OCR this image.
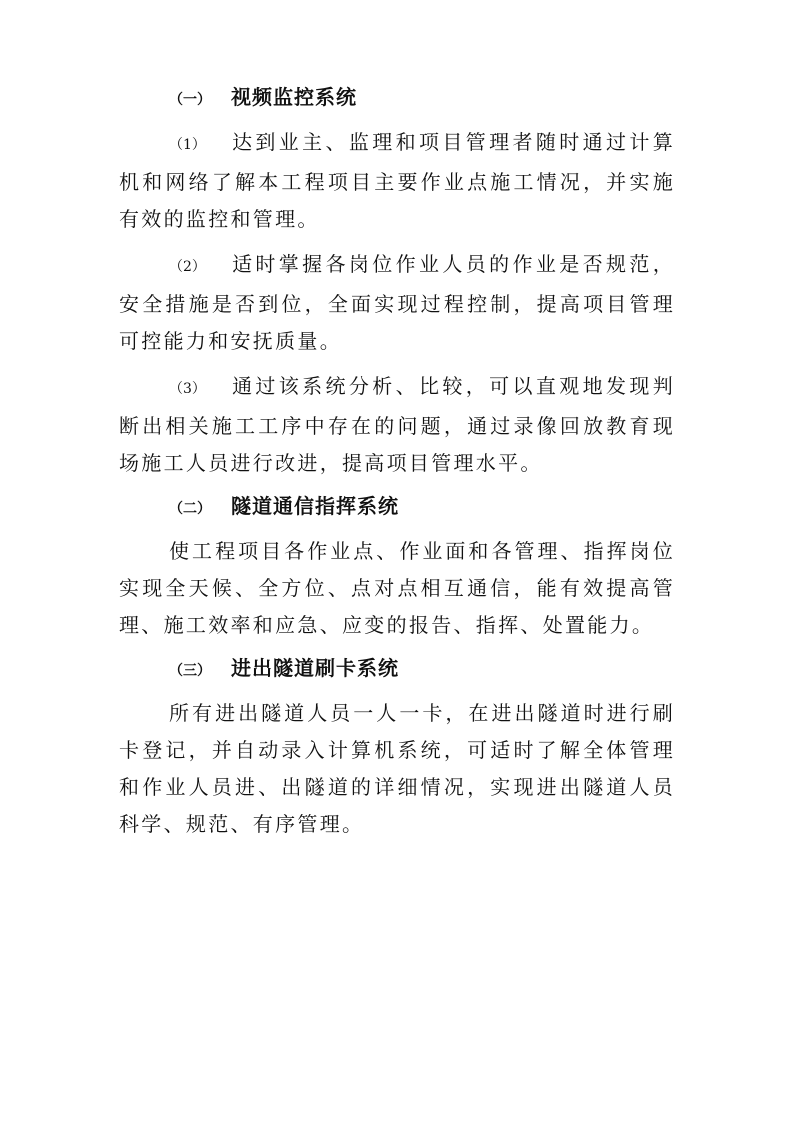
（一） 视频监控系统

（1） 达到业主、监理和项目管理者随时通过计算机和网络了解本工程项目主要作业点施工情况，并实施有效的监控和管理。

（2） 适时掌握各岗位作业人员的作业是否规范，安全措施是否到位，全面实现过程控制，提高项目管理可控能力和安抚质量。

（3） 通过该系统分析、比较，可以直观地发现判断出相关施工工序中存在的问题，通过录像回放教育现场施工人员进行改进，提高项目管理水平。

（二） 隧道通信指挥系统

使工程项目各作业点、作业面和各管理、指挥岗位实现全天候、全方位、点对点相互通信，能有效提高管理、施工效率和应急、应变的报告、指挥、处置能力。

（三） 进出隧道刷卡系统

所有进出隧道人员一人一卡，在进出隧道时进行刷卡登记，并自动录入计算机系统，可适时了解全体管理和作业人员进、出隧道的详细情况，实现进出隧道人员科学、规范、有序管理。
